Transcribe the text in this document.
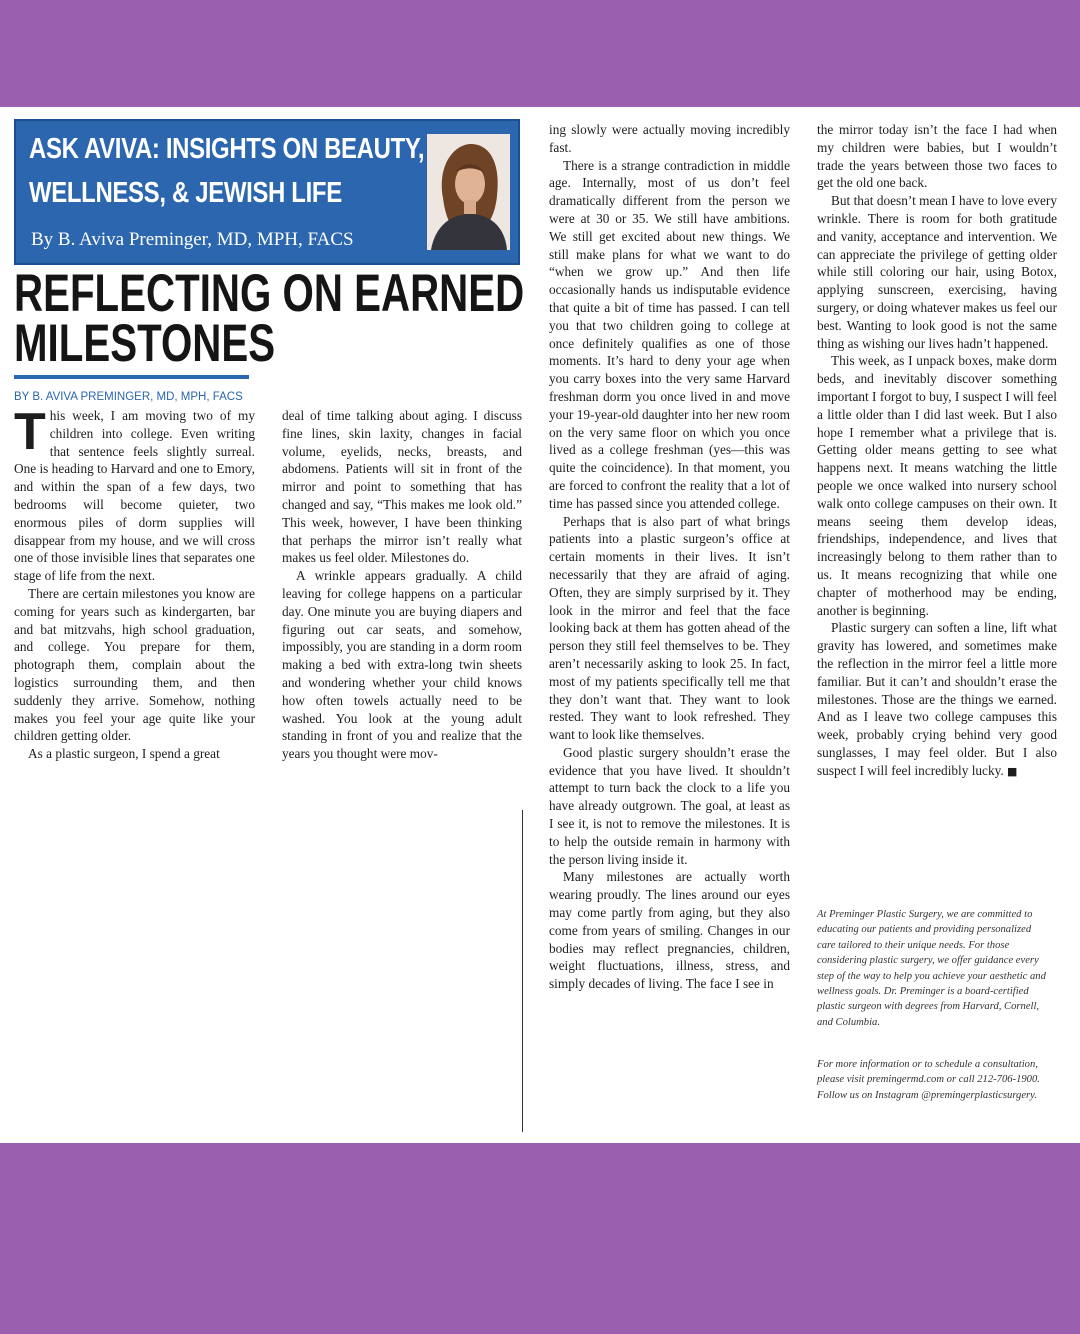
ASK AVIVA: INSIGHTS ON BEAUTY,
WELLNESS, & JEWISH LIFE
By B. Aviva Preminger, MD, MPH, FACS
REFLECTING ON EARNED
MILESTONES
BY B. AVIVA PREMINGER, MD, MPH, FACS

This week, I am moving two of my children into college. Even writing that sentence feels slightly surreal. One is heading to Harvard and one to Emory, and within the span of a few days, two bedrooms will become quieter, two enormous piles of dorm supplies will disappear from my house, and we will cross one of those invisible lines that separates one stage of life from the next.

There are certain milestones you know are coming for years such as kindergarten, bar and bat mitzvahs, high school graduation, and college. You prepare for them, photograph them, complain about the logistics surrounding them, and then suddenly they arrive. Somehow, nothing makes you feel your age quite like your children getting older.

As a plastic surgeon, I spend a great

deal of time talking about aging. I discuss fine lines, skin laxity, changes in facial volume, eyelids, necks, breasts, and abdomens. Patients will sit in front of the mirror and point to something that has changed and say, “This makes me look old.” This week, however, I have been thinking that perhaps the mirror isn’t really what makes us feel older. Milestones do.

A wrinkle appears gradually. A child leaving for college happens on a particular day. One minute you are buying diapers and figuring out car seats, and somehow, impossibly, you are standing in a dorm room making a bed with extra-long twin sheets and wondering whether your child knows how often towels actually need to be washed. You look at the young adult standing in front of you and realize that the years you thought were mov-

ing slowly were actually moving incredibly fast.

There is a strange contradiction in middle age. Internally, most of us don’t feel dramatically different from the person we were at 30 or 35. We still have ambitions. We still get excited about new things. We still make plans for what we want to do “when we grow up.” And then life occasionally hands us indisputable evidence that quite a bit of time has passed. I can tell you that two children going to college at once definitely qualifies as one of those moments. It’s hard to deny your age when you carry boxes into the very same Harvard freshman dorm you once lived in and move your 19-year-old daughter into her new room on the very same floor on which you once lived as a college freshman (yes—this was quite the coincidence). In that moment, you are forced to confront the reality that a lot of time has passed since you attended college.

Perhaps that is also part of what brings patients into a plastic surgeon’s office at certain moments in their lives. It isn’t necessarily that they are afraid of aging. Often, they are simply surprised by it. They look in the mirror and feel that the face looking back at them has gotten ahead of the person they still feel themselves to be. They aren’t necessarily asking to look 25. In fact, most of my patients specifically tell me that they don’t want that. They want to look rested. They want to look refreshed. They want to look like themselves.

Good plastic surgery shouldn’t erase the evidence that you have lived. It shouldn’t attempt to turn back the clock to a life you have already outgrown. The goal, at least as I see it, is not to remove the milestones. It is to help the outside remain in harmony with the person living inside it.

Many milestones are actually worth wearing proudly. The lines around our eyes may come partly from aging, but they also come from years of smiling. Changes in our bodies may reflect pregnancies, children, weight fluctuations, illness, stress, and simply decades of living. The face I see in

the mirror today isn’t the face I had when my children were babies, but I wouldn’t trade the years between those two faces to get the old one back.

But that doesn’t mean I have to love every wrinkle. There is room for both gratitude and vanity, acceptance and intervention. We can appreciate the privilege of getting older while still coloring our hair, using Botox, applying sunscreen, exercising, having surgery, or doing whatever makes us feel our best. Wanting to look good is not the same thing as wishing our lives hadn’t happened.

This week, as I unpack boxes, make dorm beds, and inevitably discover something important I forgot to buy, I suspect I will feel a little older than I did last week. But I also hope I remember what a privilege that is. Getting older means getting to see what happens next. It means watching the little people we once walked into nursery school walk onto college campuses on their own. It means seeing them develop ideas, friendships, independence, and lives that increasingly belong to them rather than to us. It means recognizing that while one chapter of motherhood may be ending, another is beginning.

Plastic surgery can soften a line, lift what gravity has lowered, and sometimes make the reflection in the mirror feel a little more familiar. But it can’t and shouldn’t erase the milestones. Those are the things we earned. And as I leave two college campuses this week, probably crying behind very good sunglasses, I may feel older. But I also suspect I will feel incredibly lucky. ■

At Preminger Plastic Surgery, we are committed to educating our patients and providing personalized care tailored to their unique needs. For those considering plastic surgery, we offer guidance every step of the way to help you achieve your aesthetic and wellness goals. Dr. Preminger is a board-certified plastic surgeon with degrees from Harvard, Cornell, and Columbia.
For more information or to schedule a consultation, please visit premingermd.com or call 212-706-1900. Follow us on Instagram @premingerplasticsurgery.
